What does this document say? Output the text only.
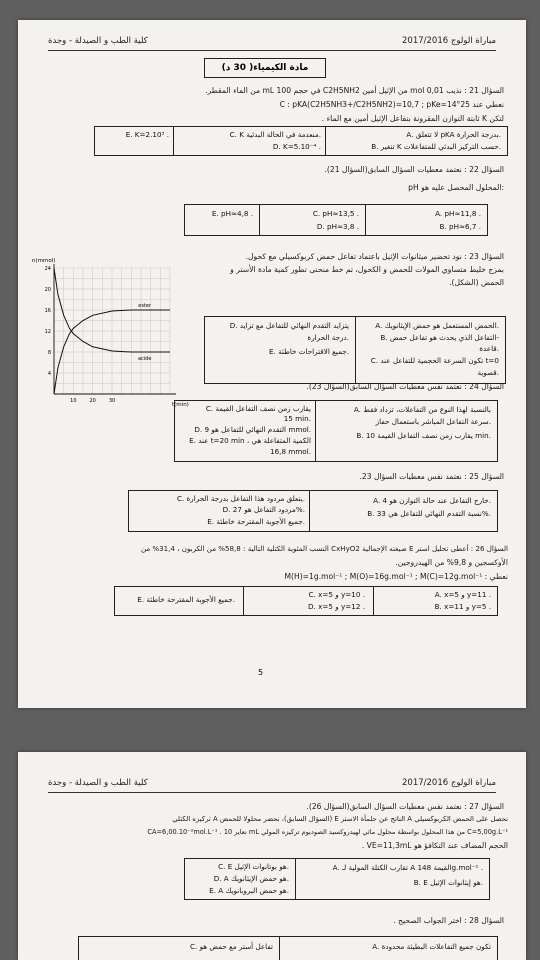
كلية الطب و الصيدلة - وجدة	مباراة الولوج 2017/2016
مادة الكيمياء( 30 د)
السؤال 21 : نذيب 0,01 mol من الإثيل أمين C2H5NH2 في حجم 100 mL من الماء المقطر.
نعطي عند 25°C : pKA(C2H5NH3+/C2H5NH2)=10,7 ; pKe=14
لتكن K ثابتة التوازن المقرونة بتفاعل الإثيل أمين مع الماء .
A. لا تتعلق pKA بدرجة الحرارة.
B. تتغير K حسب التركيز البدئي للمتفاعلات.
C. K منعدمة في الحالة البدئية.
D. K=5.10⁻⁴ .
E. K=2.10³ .
السؤال 22 : نعتمد معطيات السؤال السابق(السؤال 21).
pH المحلول المحصل عليه هو:
A. pH≈11,8 .
B. pH≈6,7 .
C. pH≈13,5 .
D. pH≈3,8 .
E. pH≈4,8 .
السؤال 23 : نود تحضير ميثانوات الإثيل باعتماد تفاعل حمض كربوكسيلي مع كحول.
بمزج خليط متساوي المولات للحمض و الكحول، تم خط منحنى تطور كمية مادة الأستر و
الحمض (الشكل).
n(mmol)
t(min)
4
8
12
16
20
24
10	20	30
ester
acide
A. الحمض المستعمل هو حمض الإيثانويك.
B. التفاعل الذي يحدث هو تفاعل حمض-
قاعدة.
C. تكون السرعة الحجمية للتفاعل عند t=0
قصوية.
D. يتزايد التقدم النهائي للتفاعل مع تزايد
درجة الحرارة.
E. جميع الاقتراحات خاطئة.
السؤال 24 : نعتمد نفس معطيات السؤال السابق(السؤال 23).
A. بالنسبة لهذا النوع من التفاعلات، تزداد فقط
سرعة التفاعل المباشر باستعمال حفاز.
B. يقارب زمن نصف التفاعل القيمة 10 min.
C. يقارب زمن نصف التفاعل القيمة
15 min.
D. التقدم النهائي للتفاعل هو 9 mmol.
E. عند t=20 min ، الكمية المتفاعلة هي
16,8 mmol.
السؤال 25 : نعتمد نفس معطيات السؤال 23.
A. خارج التفاعل عند حالة التوازن هو 4.
B. نسبة التقدم النهائي للتفاعل هي 33%.
C. يتعلق مردود هذا التفاعل بدرجة الحرارة.
D. مردود التفاعل هو 27%.
E. جميع الأجوبة المقترحة خاطئة.
السؤال 26 : أعطى تحليل استر E صيغته الإجمالية CxHyO2 النسب المئوية الكتلية التالية : 58,8% من الكربون ، 31,4% من
الأوكسجين و 9,8% من الهيدروجين.
نعطي : M(H)=1g.mol⁻¹ ; M(O)=16g.mol⁻¹ ; M(C)=12g.mol⁻¹
A. x=5 و y=11 .
B. x=11 و y=5 .
C. x=5 و y=10 .
D. x=5 و y=12 .
E. جميع الأجوبة المقترحة خاطئة.
5
كلية الطب و الصيدلة - وجدة	مباراة الولوج 2017/2016
السؤال 27 : نعتمد نفس معطيات السؤال السابق(السؤال 26).
نحصل على الحمض الكربوكسيلي A الناتج عن حلمأة الاستر E (السؤال السابق)، نحضر محلولا للحمض A تركيزه الكتلي
CA=6,00.10⁻²mol.L⁻¹ . نعاير 10 mL من هذا المحلول بواسطة محلول مائي لهيدروكسيد الصوديوم تركيزه المولي C=5,00g.L⁻¹
الحجم المضاف عند التكافؤ هو VE=11,3mL .
A. تقارب الكتلة المولية لـ A القيمة 148g.mol⁻¹ .
B. E هو إيثانوات الإثيل.
C. E هو بوتانوات الإثيل.
D. A هو حمض الإيثانويك.
E. A هو حمض البروبانويك.
السؤال 28 : اختر الجواب الصحيح .
A. تكون جميع التفاعلات البطيئة محدودة
C. تفاعل أستر مع حمض هو
